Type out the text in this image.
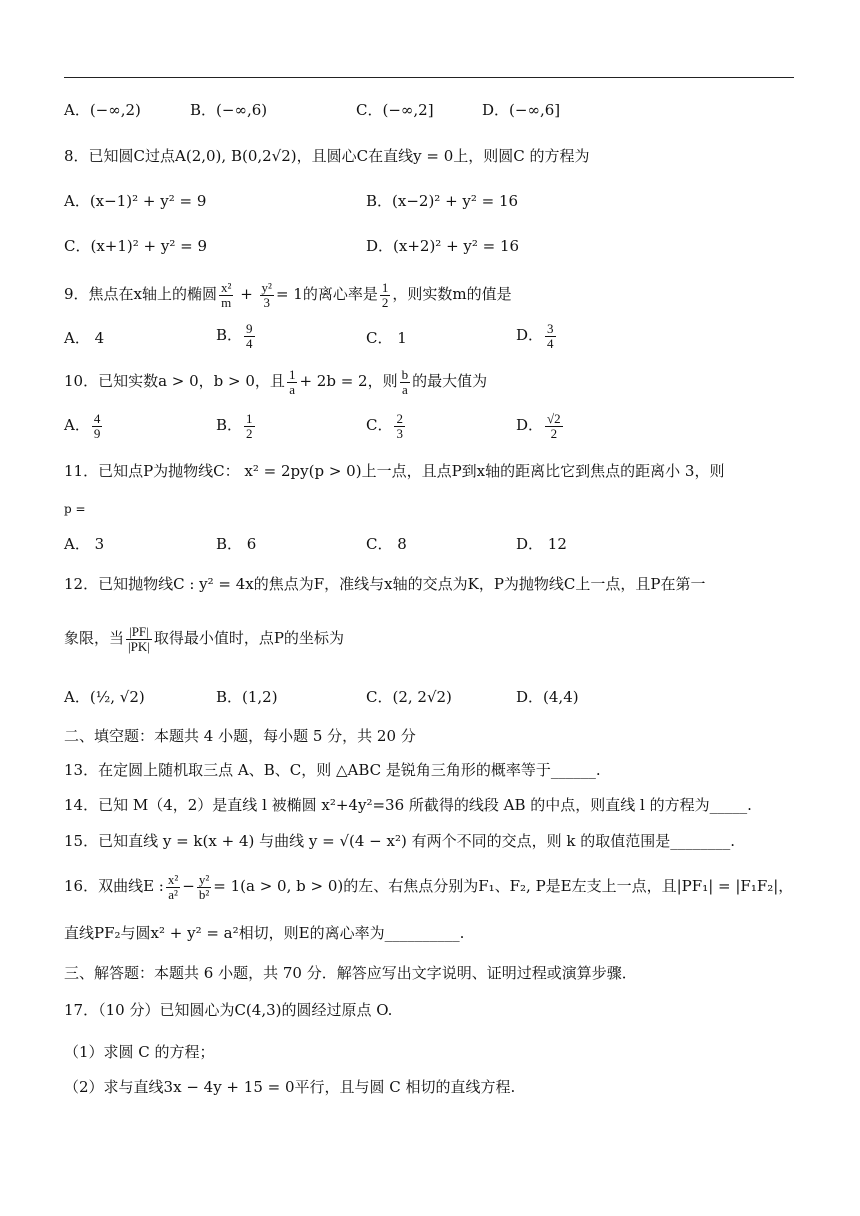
A．(−∞,2)	B．(−∞,6)	C．(−∞,2]	D．(−∞,6]
8．已知圆C过点A(2,0), B(0,2√2)，且圆心C在直线y = 0上，则圆C 的方程为
A．(x−1)² + y² = 9	B．(x−2)² + y² = 16
C．(x+1)² + y² = 9	D．(x+2)² + y² = 16
9．焦点在x轴上的椭圆 $\frac{\text{x²}}{m} + \frac{\text{y²}}{3} = 1$的离心率是 $\frac{1}{2}$ ，则实数m的值是
A． 4	B． $\frac{9}{4}$	C． 1	D． $\frac{3}{4}$
10．已知实数a > 0，b > 0，且 $\frac{1}{a} + 2b = 2$，则 $\frac{b}{a}$ 的最大值为
A． $\frac{4}{9}$	B． $\frac{1}{2}$	C． $\frac{2}{3}$	D． $\frac{√2}{2}$
11．已知点P为抛物线C： x² = 2py(p > 0)上一点，且点P到x轴的距离比它到焦点的距离小 3，则
p =
A． 3	B． 6	C． 8	D． 12
12．已知抛物线C : y² = 4x的焦点为F，准线与x轴的交点为K，P为抛物线C上一点，且P在第一
象限，当 $\frac{|PF|}{|PK|}$ 取得最小值时，点P的坐标为
A．(½, √2)	B．(1,2)	C．(2, 2√2)	D．(4,4)
二、填空题：本题共 4 小题，每小题 5 分，共 20 分
13．在定圆上随机取三点 A、B、C，则 △ABC 是锐角三角形的概率等于______.
14．已知 M（4，2）是直线 l 被椭圆 x²+4y²=36 所截得的线段 AB 的中点，则直线 l 的方程为_____.
15．已知直线 y = k(x + 4) 与曲线 y = √(4 − x²) 有两个不同的交点，则 k 的取值范围是________.
16．双曲线E : $\frac{\text{x²}}{\text{a²}} - \frac{\text{y²}}{\text{b²}} = 1(a > 0$, b > 0)的左、右焦点分别为F₁、F₂, P是E左支上一点，且|PF₁| = |F₁F₂|，
直线PF₂与圆x² + y² = a²相切，则E的离心率为__________.
三、解答题：本题共 6 小题，共 70 分．解答应写出文字说明、证明过程或演算步骤．
17．（10 分）已知圆心为C(4,3)的圆经过原点 O.
（1）求圆 C 的方程；
（2）求与直线3x − 4y + 15 = 0平行，且与圆 C 相切的直线方程.
